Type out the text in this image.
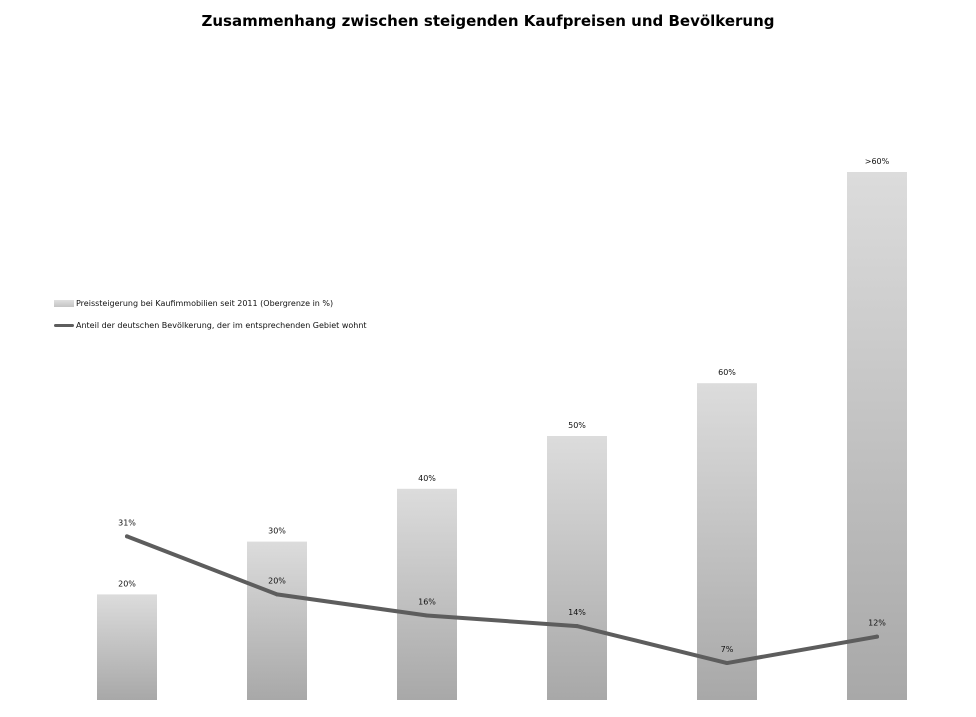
Zusammenhang zwischen steigenden Kaufpreisen und Bevölkerung
Preissteigerung bei Kaufimmobilien seit 2011 (Obergrenze in %)
Anteil der deutschen Bevölkerung, der im entsprechenden Gebiet wohnt
20%
30%
40%
50%
60%
>60%
31%
20%
16%
14%
7%
12%
